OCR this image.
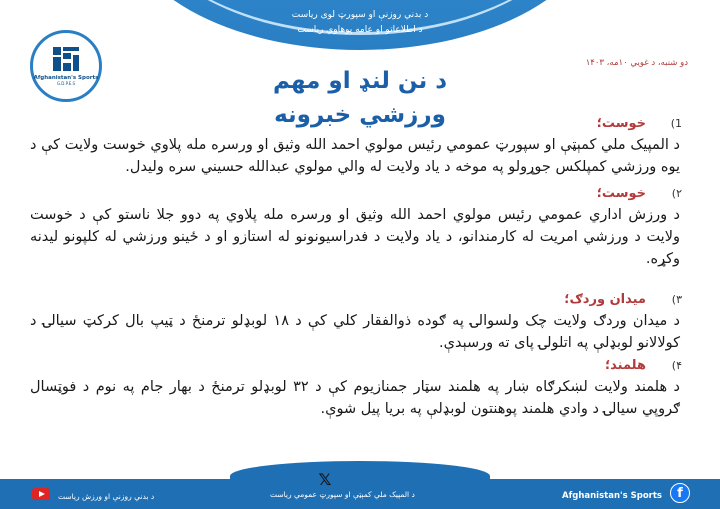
د بدني روزنې او سپورټ لوی ریاست
د اطلاعاتو او عامه پوهاوي ریاست
Afghanistan's Sports
G.D.P.E.S
دو شنبه، د غويي ۱۰مه، ۱۴۰۳
د نن لنډ او مهم
ورزشي خبرونه	1)
خوست؛
د المپیک ملي کمېټې او سپورټ عمومي رئیس مولوي احمد الله وثیق او ورسره مله پلاوي خوست ولایت کې د یوه ورزشي کمپلکس جوړولو په موخه د یاد ولایت له والي مولوي عبدالله حسیني سره ولیدل.
۲)
خوست؛
د ورزش اداري عمومي رئیس مولوي احمد الله وثیق او ورسره مله پلاوي په دوو جلا ناستو کې د خوست ولایت د ورزشي امریت له کارمندانو، د یاد ولایت د فدراسیونونو له استازو او د ځینو ورزشي له کلپونو لیدنه وکړه.
۳)
میدان وردګ؛
د میدان وردګ ولایت چک ولسوالۍ په ګوده ذوالفقار کلي کې د ۱۸ لوبډلو ترمنځ د ټیپ بال کرکټ سیالۍ د کولالانو لوبډلې په اتلولۍ پای ته ورسېدې.
۴)
هلمند؛
د هلمند ولایت لښکرګاه ښار په هلمند سټار جمنازیوم کې د ۳۲ لوبډلو ترمنځ د بهار جام په نوم د فوټسال ګروپي سیالۍ د وادي هلمند پوهنتون لوبډلې په بریا پیل شوې.
د بدني روزنې او ورزش ریاست
𝕏
د المپیک ملي کمېټې او سپورټ عمومي ریاست	Afghanistan's Sports	f
